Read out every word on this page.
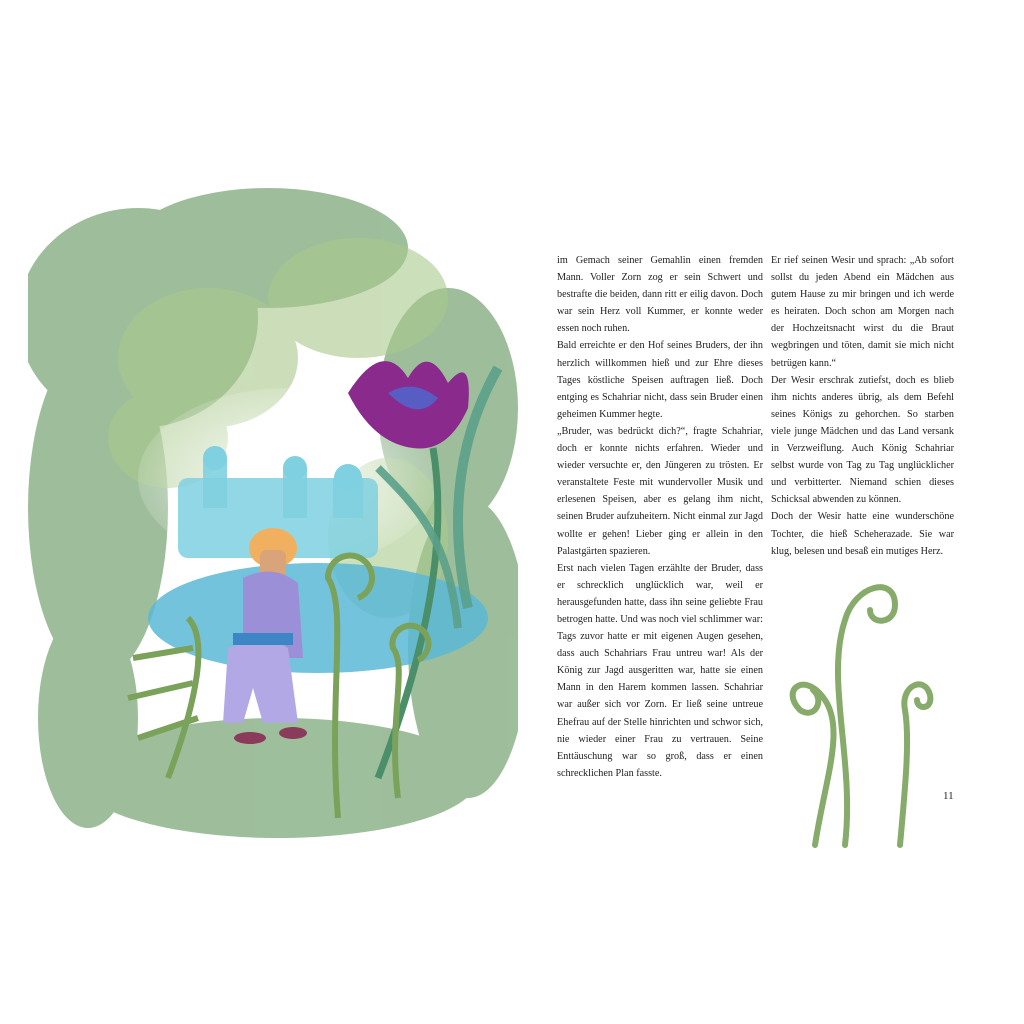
im Gemach seiner Gemahlin einen fremden Mann. Voller Zorn zog er sein Schwert und bestrafte die beiden, dann ritt er eilig davon. Doch war sein Herz voll Kummer, er konnte weder essen noch ruhen.

Bald erreichte er den Hof seines Bruders, der ihn herzlich willkommen hieß und zur Ehre dieses Tages köstliche Speisen auftragen ließ. Doch entging es Schahriar nicht, dass sein Bruder einen geheimen Kummer hegte.

„Bruder, was bedrückt dich?“, fragte Schahriar, doch er konnte nichts erfahren. Wieder und wieder versuchte er, den Jüngeren zu trösten. Er veranstaltete Feste mit wundervoller Musik und erlesenen Speisen, aber es gelang ihm nicht, seinen Bruder aufzuheitern. Nicht einmal zur Jagd wollte er gehen! Lieber ging er allein in den Palastgärten spazieren.

Erst nach vielen Tagen erzählte der Bruder, dass er schrecklich unglücklich war, weil er herausgefunden hatte, dass ihn seine geliebte Frau betrogen hatte. Und was noch viel schlimmer war: Tags zuvor hatte er mit eigenen Augen gesehen, dass auch Schahriars Frau untreu war! Als der König zur Jagd ausgeritten war, hatte sie einen Mann in den Harem kommen lassen. Schahriar war außer sich vor Zorn. Er ließ seine untreue Ehefrau auf der Stelle hinrichten und schwor sich, nie wieder einer Frau zu vertrauen. Seine Enttäuschung war so groß, dass er einen schrecklichen Plan fasste.

Er rief seinen Wesir und sprach: „Ab sofort sollst du jeden Abend ein Mädchen aus gutem Hause zu mir bringen und ich werde es heiraten. Doch schon am Morgen nach der Hochzeitsnacht wirst du die Braut wegbringen und töten, damit sie mich nicht betrügen kann.“

Der Wesir erschrak zutiefst, doch es blieb ihm nichts anderes übrig, als dem Befehl seines Königs zu gehorchen. So starben viele junge Mädchen und das Land versank in Verzweiflung. Auch König Schahriar selbst wurde von Tag zu Tag unglücklicher und verbitterter. Niemand schien dieses Schicksal abwenden zu können.

Doch der Wesir hatte eine wunderschöne Tochter, die hieß Scheherazade. Sie war klug, belesen und besaß ein mutiges Herz.

11
